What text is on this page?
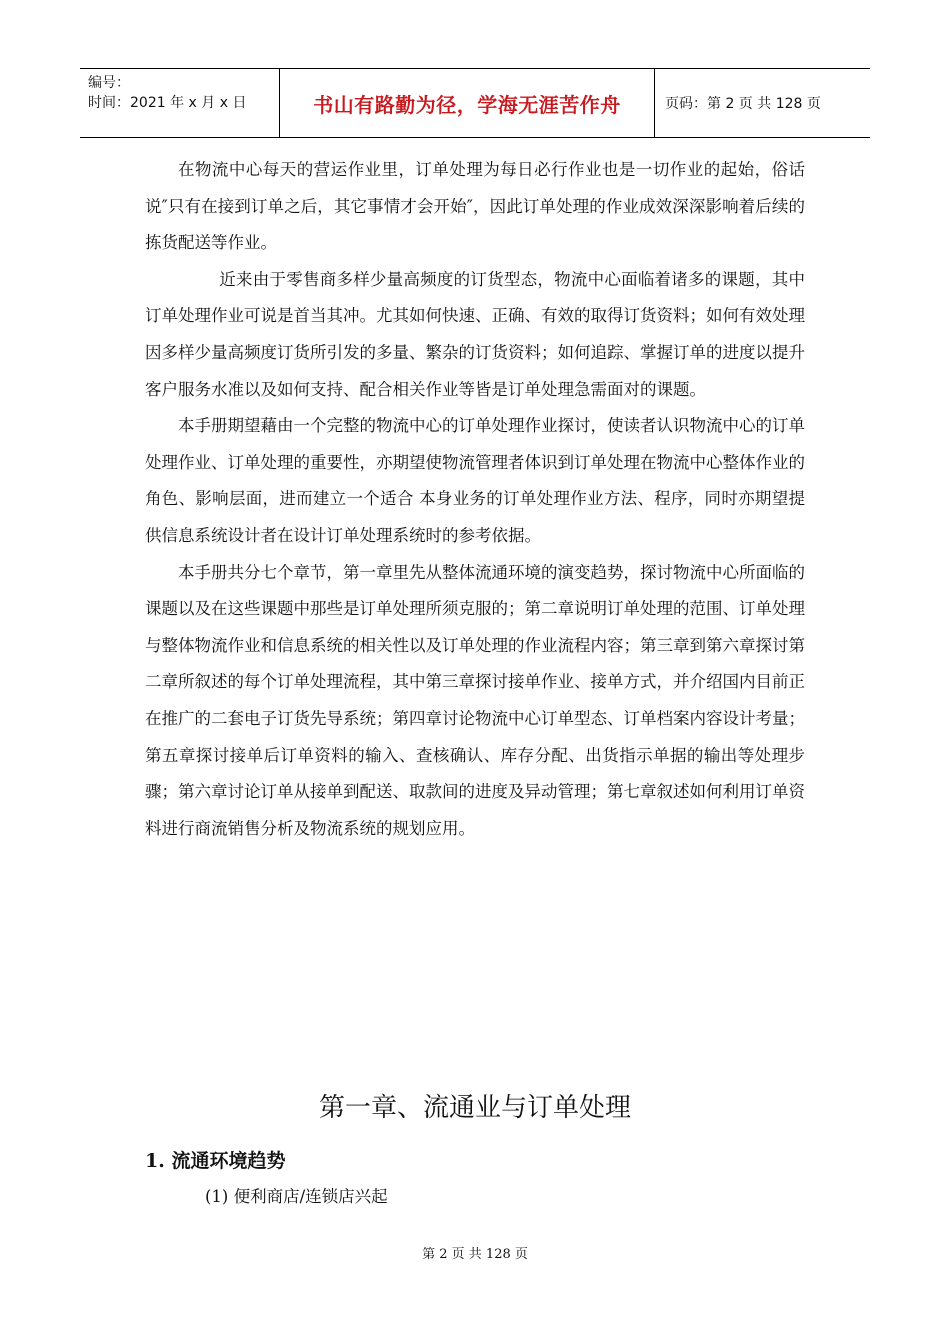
编号：
时间：2021 年 x 月 x 日	书山有路勤为径，学海无涯苦作舟	页码：第 2 页 共 128 页

在物流中心每天的营运作业里，订单处理为每日必行作业也是一切作业的起始，俗话说″只有在接到订单之后，其它事情才会开始″，因此订单处理的作业成效深深影响着后续的拣货配送等作业。

近来由于零售商多样少量高频度的订货型态，物流中心面临着诸多的课题，其中订单处理作业可说是首当其冲。尤其如何快速、正确、有效的取得订货资料；如何有效处理因多样少量高频度订货所引发的多量、繁杂的订货资料；如何追踪、掌握订单的进度以提升客户服务水准以及如何支持、配合相关作业等皆是订单处理急需面对的课题。

本手册期望藉由一个完整的物流中心的订单处理作业探讨，使读者认识物流中心的订单处理作业、订单处理的重要性，亦期望使物流管理者体识到订单处理在物流中心整体作业的角色、影响层面，进而建立一个适合 本身业务的订单处理作业方法、程序，同时亦期望提供信息系统设计者在设计订单处理系统时的参考依据。

本手册共分七个章节，第一章里先从整体流通环境的演变趋势，探讨物流中心所面临的课题以及在这些课题中那些是订单处理所须克服的；第二章说明订单处理的范围、订单处理与整体物流作业和信息系统的相关性以及订单处理的作业流程内容；第三章到第六章探讨第二章所叙述的每个订单处理流程，其中第三章探讨接单作业、接单方式，并介绍国内目前正在推广的二套电子订货先导系统；第四章讨论物流中心订单型态、订单档案内容设计考量；第五章探讨接单后订单资料的输入、查核确认、库存分配、出货指示单据的输出等处理步骤；第六章讨论订单从接单到配送、取款间的进度及异动管理；第七章叙述如何利用订单资料进行商流销售分析及物流系统的规划应用。

第一章、流通业与订单处理
1. 流通环境趋势
(1) 便利商店/连锁店兴起
第 2 页 共 128 页
